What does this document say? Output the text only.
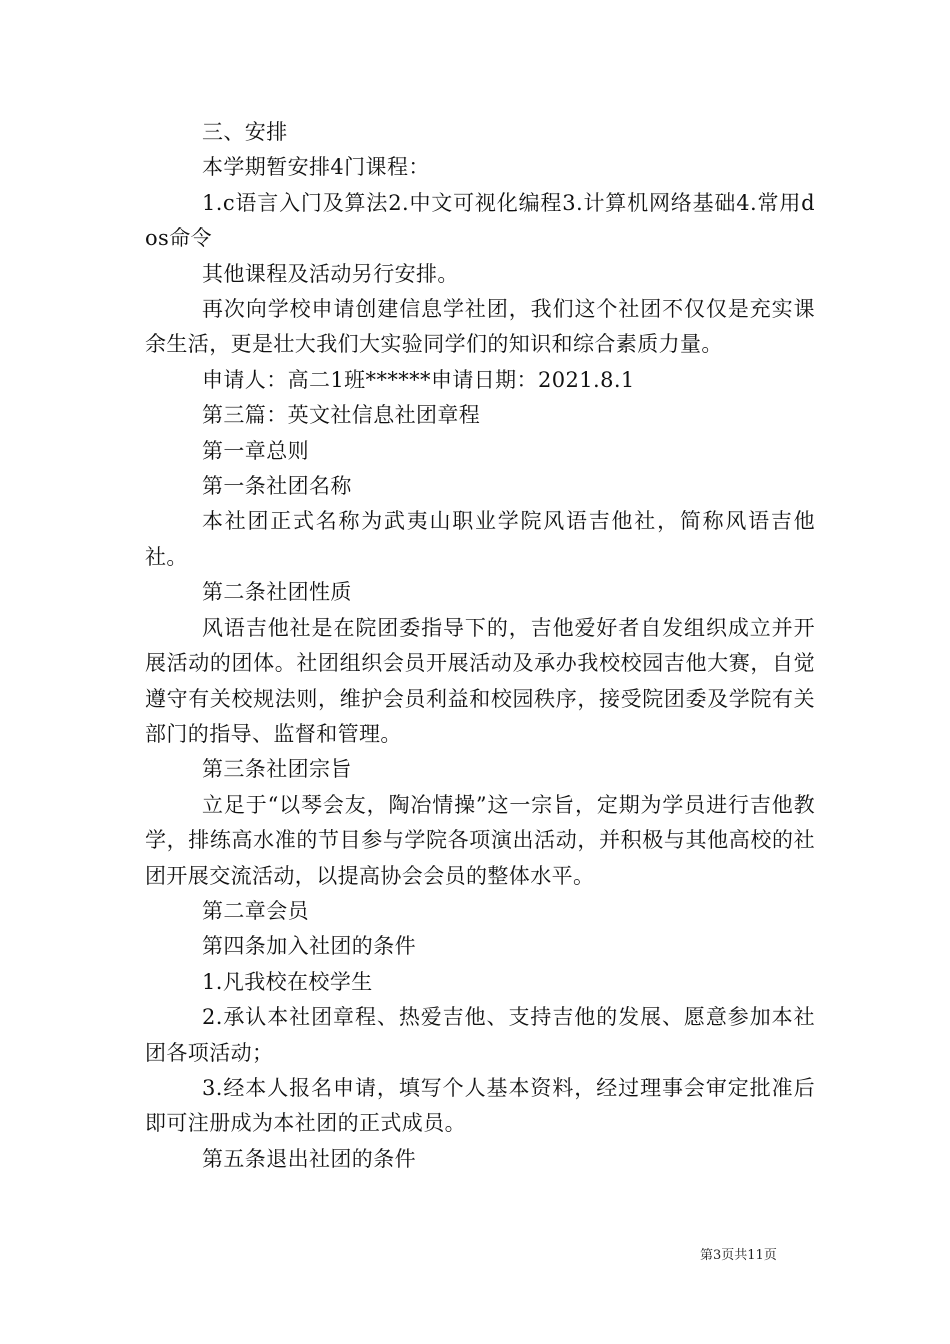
三、安排

本学期暂安排4门课程：

1.c语言入门及算法2.中文可视化编程3.计算机网络基础4.常用dos命令

其他课程及活动另行安排。

再次向学校申请创建信息学社团，我们这个社团不仅仅是充实课余生活，更是壮大我们大实验同学们的知识和综合素质力量。

申请人：高二1班******申请日期：2021.8.1

第三篇：英文社信息社团章程

第一章总则

第一条社团名称

本社团正式名称为武夷山职业学院风语吉他社，简称风语吉他社。

第二条社团性质

风语吉他社是在院团委指导下的，吉他爱好者自发组织成立并开展活动的团体。社团组织会员开展活动及承办我校校园吉他大赛，自觉遵守有关校规法则，维护会员利益和校园秩序，接受院团委及学院有关部门的指导、监督和管理。

第三条社团宗旨

立足于“以琴会友，陶冶情操”这一宗旨，定期为学员进行吉他教学，排练高水准的节目参与学院各项演出活动，并积极与其他高校的社团开展交流活动，以提高协会会员的整体水平。

第二章会员

第四条加入社团的条件

1.凡我校在校学生

2.承认本社团章程、热爱吉他、支持吉他的发展、愿意参加本社团各项活动；

3.经本人报名申请，填写个人基本资料，经过理事会审定批准后即可注册成为本社团的正式成员。

第五条退出社团的条件

第3页共11页
